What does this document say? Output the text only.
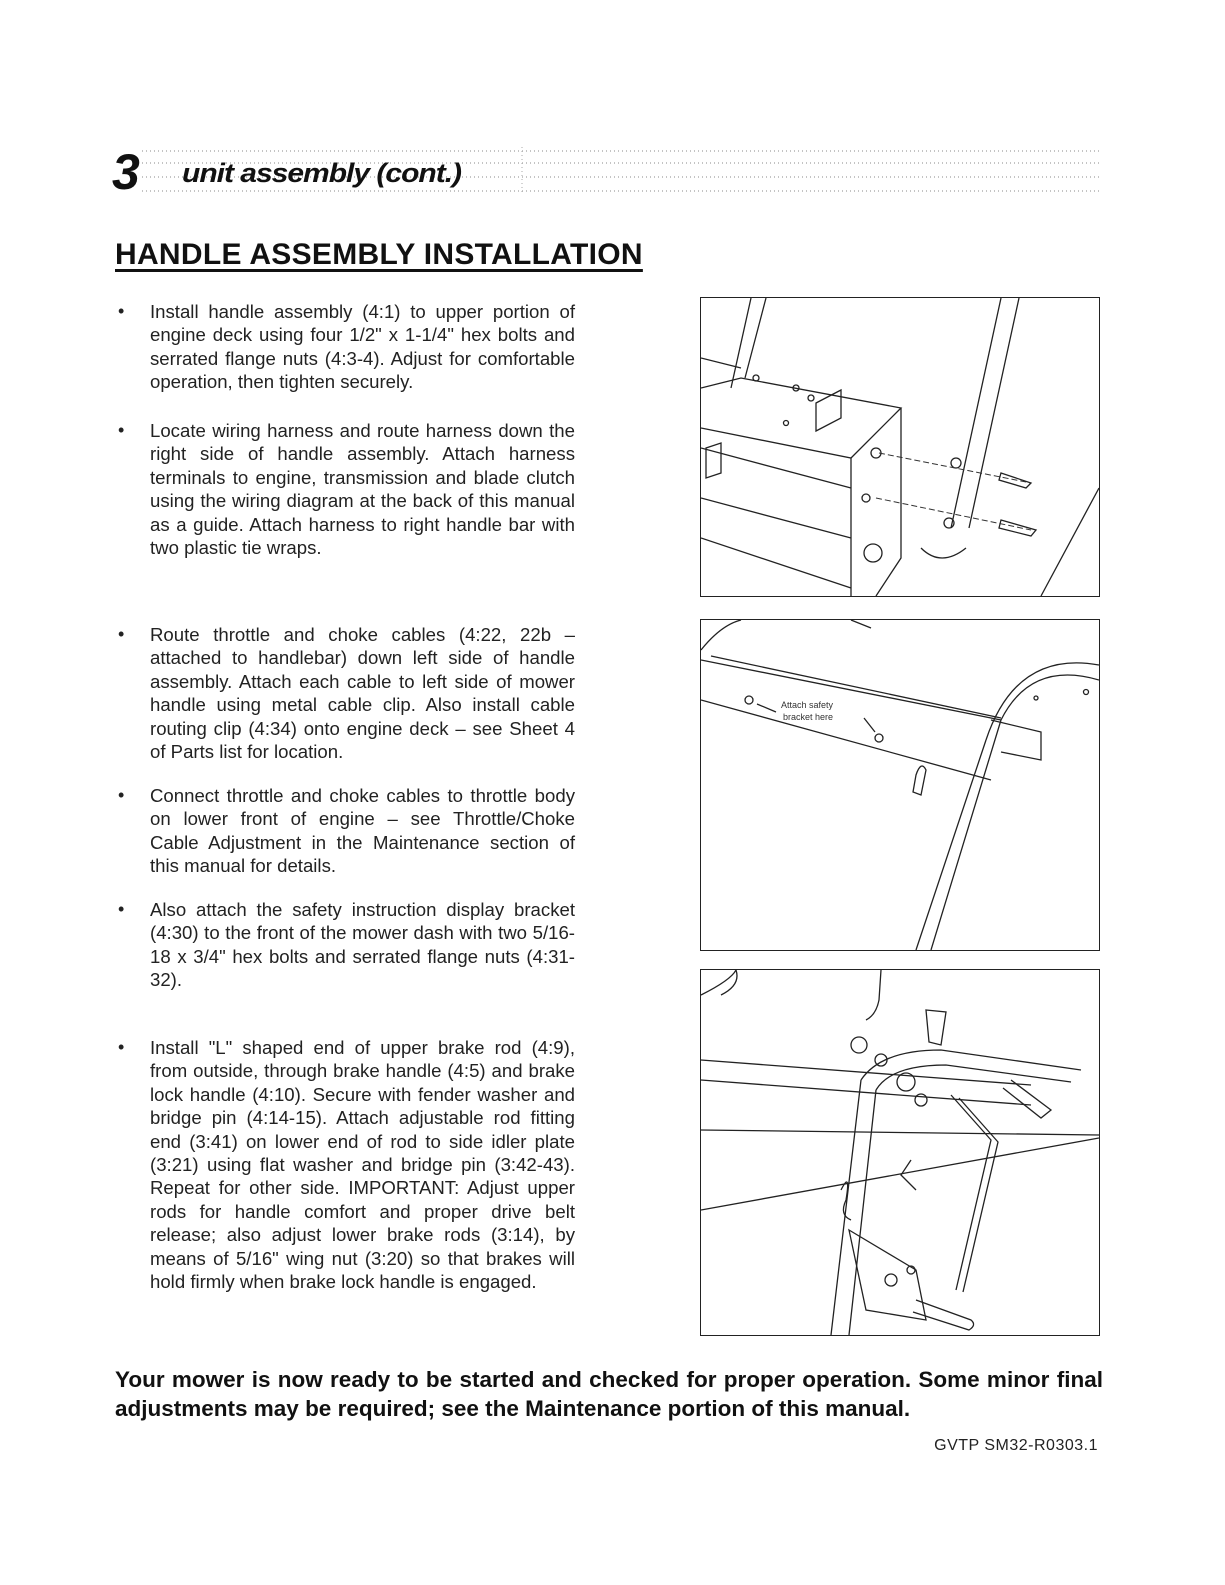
3 unit assembly (cont.)
HANDLE ASSEMBLY INSTALLATION
• Install handle assembly (4:1) to upper portion of engine deck using four 1/2" x 1-1/4" hex bolts and serrated flange nuts (4:3-4). Adjust for comfortable operation, then tighten securely.
• Locate wiring harness and route harness down the right side of handle assembly. Attach harness terminals to engine, transmission and blade clutch using the wiring diagram at the back of this manual as a guide. Attach harness to right handle bar with two plastic tie wraps.
• Route throttle and choke cables (4:22, 22b – attached to handlebar) down left side of handle assembly. Attach each cable to left side of mower handle using metal cable clip. Also install cable routing clip (4:34) onto engine deck – see Sheet 4 of Parts list for location.
• Connect throttle and choke cables to throttle body on lower front of engine – see Throttle/Choke Cable Adjustment in the Maintenance section of this manual for details.
• Also attach the safety instruction display bracket (4:30) to the front of the mower dash with two 5/16-18 x 3/4" hex bolts and serrated flange nuts (4:31-32).
• Install "L" shaped end of upper brake rod (4:9), from outside, through brake handle (4:5) and brake lock handle (4:10). Secure with fender washer and bridge pin (4:14-15). Attach adjustable rod fitting end (3:41) on lower end of rod to side idler plate (3:21) using flat washer and bridge pin (3:42-43). Repeat for other side. IMPORTANT: Adjust upper rods for handle comfort and proper drive belt release; also adjust lower brake rods (3:14), by means of 5/16" wing nut (3:20) so that brakes will hold firmly when brake lock handle is engaged.
Attach safety
bracket here
Your mower is now ready to be started and checked for proper operation. Some minor final adjustments may be required; see the Maintenance portion of this manual.
GVTP SM32-R0303.1
